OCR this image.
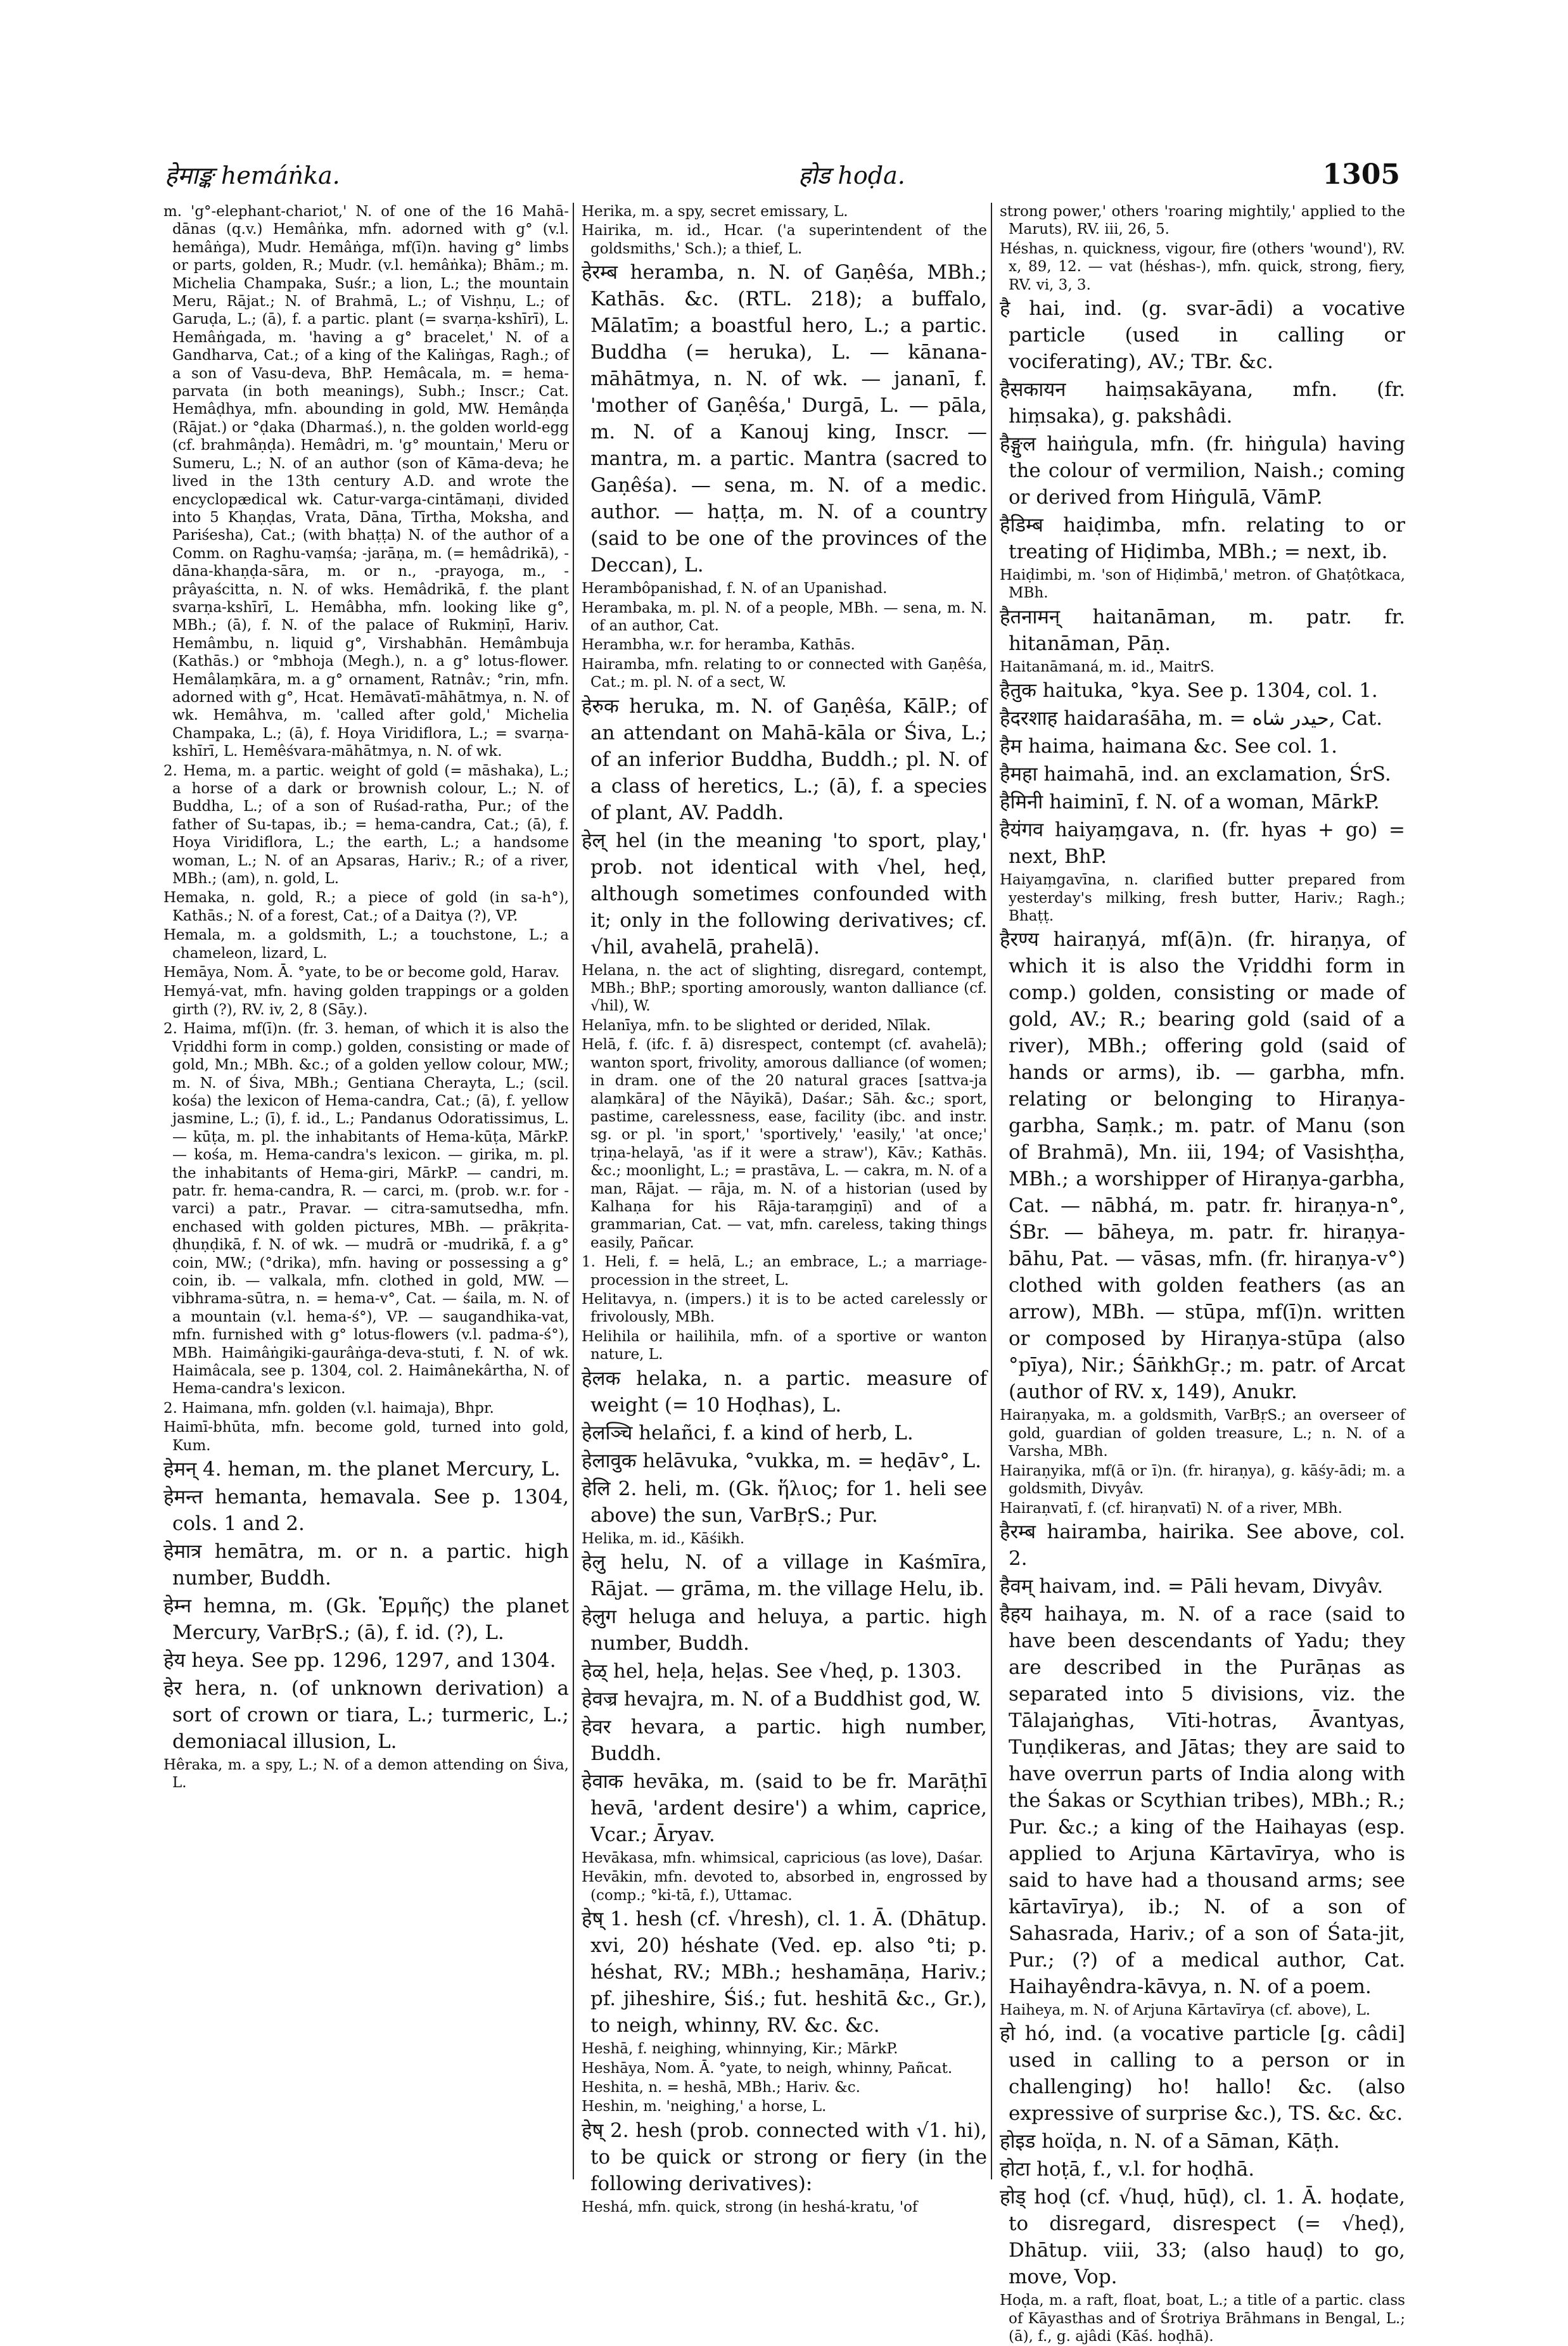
हेमाङ्क hemáṅka.	होड hoḍa.	1305
m. 'g°-elephant-chariot,' N. of one of the 16 Mahā-dānas (q.v.) Hemâṅka, mfn. adorned with g° (v.l. hemâṅga), Mudr. Hemâṅga, mf(ī)n. having g° limbs or parts, golden, R.; Mudr. (v.l. hemâṅka); Bhām.; m. Michelia Champaka, Suśr.; a lion, L.; the mountain Meru, Rājat.; N. of Brahmā, L.; of Vishṇu, L.; of Garuḍa, L.; (ā), f. a partic. plant (= svarṇa-kshīrī), L. Hemâṅgada, m. 'having a g° bracelet,' N. of a Gandharva, Cat.; of a king of the Kaliṅgas, Ragh.; of a son of Vasu-deva, BhP. Hemâcala, m. = hema-parvata (in both meanings), Subh.; Inscr.; Cat. Hemâḍhya, mfn. abounding in gold, MW. Hemâṇḍa (Rājat.) or °ḍaka (Dharmaś.), n. the golden world-egg (cf. brahmâṇḍa). Hemâdri, m. 'g° mountain,' Meru or Sumeru, L.; N. of an author (son of Kāma-deva; he lived in the 13th century A.D. and wrote the encyclopædical wk. Catur-varga-cintāmaṇi, divided into 5 Khaṇḍas, Vrata, Dāna, Tīrtha, Moksha, and Pariśesha), Cat.; (with bhaṭṭa) N. of the author of a Comm. on Raghu-vaṃśa; -jarāṇa, m. (= hemâdrikā), -dāna-khaṇḍa-sāra, m. or n., -prayoga, m., -prâyaścitta, n. N. of wks. Hemâdrikā, f. the plant svarṇa-kshīrī, L. Hemâbha, mfn. looking like g°, MBh.; (ā), f. N. of the palace of Rukmiṇī, Hariv. Hemâmbu, n. liquid g°, Virshabhān. Hemâmbuja (Kathās.) or °mbhoja (Megh.), n. a g° lotus-flower. Hemâlaṃkāra, m. a g° ornament, Ratnâv.; °rin, mfn. adorned with g°, Hcat. Hemāvatī-māhātmya, n. N. of wk. Hemâhva, m. 'called after gold,' Michelia Champaka, L.; (ā), f. Hoya Viridiflora, L.; = svarṇa-kshīrī, L. Hemêśvara-māhātmya, n. N. of wk.
2. Hema, m. a partic. weight of gold (= māshaka), L.; a horse of a dark or brownish colour, L.; N. of Buddha, L.; of a son of Ruśad-ratha, Pur.; of the father of Su-tapas, ib.; = hema-candra, Cat.; (ā), f. Hoya Viridiflora, L.; the earth, L.; a handsome woman, L.; N. of an Apsaras, Hariv.; R.; of a river, MBh.; (am), n. gold, L.
Hemaka, n. gold, R.; a piece of gold (in sa-h°), Kathās.; N. of a forest, Cat.; of a Daitya (?), VP.
Hemala, m. a goldsmith, L.; a touchstone, L.; a chameleon, lizard, L.
Hemāya, Nom. Ā. °yate, to be or become gold, Harav.
Hemyá-vat, mfn. having golden trappings or a golden girth (?), RV. iv, 2, 8 (Sāy.).
2. Haima, mf(ī)n. (fr. 3. heman, of which it is also the Vṛiddhi form in comp.) golden, consisting or made of gold, Mn.; MBh. &c.; of a golden yellow colour, MW.; m. N. of Śiva, MBh.; Gentiana Cherayta, L.; (scil. kośa) the lexicon of Hema-candra, Cat.; (ā), f. yellow jasmine, L.; (ī), f. id., L.; Pandanus Odoratissimus, L. — kūṭa, m. pl. the inhabitants of Hema-kūṭa, MārkP. — kośa, m. Hema-candra's lexicon. — girika, m. pl. the inhabitants of Hema-giri, MārkP. — candri, m. patr. fr. hema-candra, R. — carci, m. (prob. w.r. for -varci) a patr., Pravar. — citra-samutsedha, mfn. enchased with golden pictures, MBh. — prākṛita-ḍhuṇḍikā, f. N. of wk. — mudrā or -mudrikā, f. a g° coin, MW.; (°drika), mfn. having or possessing a g° coin, ib. — valkala, mfn. clothed in gold, MW. — vibhrama-sūtra, n. = hema-v°, Cat. — śaila, m. N. of a mountain (v.l. hema-ś°), VP. — saugandhika-vat, mfn. furnished with g° lotus-flowers (v.l. padma-ś°), MBh. Haimâṅgiki-gaurâṅga-deva-stuti, f. N. of wk. Haimâcala, see p. 1304, col. 2. Haimânekârtha, N. of Hema-candra's lexicon.
2. Haimana, mfn. golden (v.l. haimaja), Bhpr.
Haimī-bhūta, mfn. become gold, turned into gold, Kum.
हेमन् 4. heman, m. the planet Mercury, L.
हेमन्त hemanta, hemavala. See p. 1304, cols. 1 and 2.
हेमात्र hemātra, m. or n. a partic. high number, Buddh.
हेम्न hemna, m. (Gk. Ἑρμῆς) the planet Mercury, VarBṛS.; (ā), f. id. (?), L.
हेय heya. See pp. 1296, 1297, and 1304.
हेर hera, n. (of unknown derivation) a sort of crown or tiara, L.; turmeric, L.; demoniacal illusion, L.
Hêraka, m. a spy, L.; N. of a demon attending on Śiva, L.
Herika, m. a spy, secret emissary, L.
Hairika, m. id., Hcar. ('a superintendent of the goldsmiths,' Sch.); a thief, L.
हेरम्ब heramba, n. N. of Gaṇêśa, MBh.; Kathās. &c. (RTL. 218); a buffalo, Mālatīm; a boastful hero, L.; a partic. Buddha (= heruka), L. — kānana-māhātmya, n. N. of wk. — jananī, f. 'mother of Gaṇêśa,' Durgā, L. — pāla, m. N. of a Kanouj king, Inscr. — mantra, m. a partic. Mantra (sacred to Gaṇêśa). — sena, m. N. of a medic. author. — haṭṭa, m. N. of a country (said to be one of the provinces of the Deccan), L.
Herambôpanishad, f. N. of an Upanishad.
Herambaka, m. pl. N. of a people, MBh. — sena, m. N. of an author, Cat.
Herambha, w.r. for heramba, Kathās.
Hairamba, mfn. relating to or connected with Gaṇêśa, Cat.; m. pl. N. of a sect, W.
हेरुक heruka, m. N. of Gaṇêśa, KālP.; of an attendant on Mahā-kāla or Śiva, L.; of an inferior Buddha, Buddh.; pl. N. of a class of heretics, L.; (ā), f. a species of plant, AV. Paddh.
हेल् hel (in the meaning 'to sport, play,' prob. not identical with √hel, heḍ, although sometimes confounded with it; only in the following derivatives; cf. √hil, avahelā, prahelā).
Helana, n. the act of slighting, disregard, contempt, MBh.; BhP.; sporting amorously, wanton dalliance (cf. √hil), W.
Helanīya, mfn. to be slighted or derided, Nīlak.
Helā, f. (ifc. f. ā) disrespect, contempt (cf. avahelā); wanton sport, frivolity, amorous dalliance (of women; in dram. one of the 20 natural graces [sattva-ja alaṃkāra] of the Nāyikā), Daśar.; Sāh. &c.; sport, pastime, carelessness, ease, facility (ibc. and instr. sg. or pl. 'in sport,' 'sportively,' 'easily,' 'at once;' tṛiṇa-helayā, 'as if it were a straw'), Kāv.; Kathās. &c.; moonlight, L.; = prastāva, L. — cakra, m. N. of a man, Rājat. — rāja, m. N. of a historian (used by Kalhaṇa for his Rāja-taraṃgiṇī) and of a grammarian, Cat. — vat, mfn. careless, taking things easily, Pañcar.
1. Heli, f. = helā, L.; an embrace, L.; a marriage-procession in the street, L.
Helitavya, n. (impers.) it is to be acted carelessly or frivolously, MBh.
Helihila or hailihila, mfn. of a sportive or wanton nature, L.
हेलक helaka, n. a partic. measure of weight (= 10 Hoḍhas), L.
हेलञ्चि helañci, f. a kind of herb, L.
हेलावुक helāvuka, °vukka, m. = heḍāv°, L.
हेलि 2. heli, m. (Gk. ἥλιος; for 1. heli see above) the sun, VarBṛS.; Pur.
Helika, m. id., Kāśikh.
हेलु helu, N. of a village in Kaśmīra, Rājat. — grāma, m. the village Helu, ib.
हेलुग heluga and heluya, a partic. high number, Buddh.
हेळ् hel, heḷa, heḷas. See √heḍ, p. 1303.
हेवज्र hevajra, m. N. of a Buddhist god, W.
हेवर hevara, a partic. high number, Buddh.
हेवाक hevāka, m. (said to be fr. Marāṭhī hevā, 'ardent desire') a whim, caprice, Vcar.; Āryav.
Hevākasa, mfn. whimsical, capricious (as love), Daśar.
Hevākin, mfn. devoted to, absorbed in, engrossed by (comp.; °ki-tā, f.), Uttamac.
हेष् 1. hesh (cf. √hresh), cl. 1. Ā. (Dhātup. xvi, 20) héshate (Ved. ep. also °ti; p. héshat, RV.; MBh.; heshamāṇa, Hariv.; pf. jiheshire, Śiś.; fut. heshitā &c., Gr.), to neigh, whinny, RV. &c. &c.
Heshā, f. neighing, whinnying, Kir.; MārkP.
Heshāya, Nom. Ā. °yate, to neigh, whinny, Pañcat.
Heshita, n. = heshā, MBh.; Hariv. &c.
Heshin, m. 'neighing,' a horse, L.
हेष् 2. hesh (prob. connected with √1. hi), to be quick or strong or fiery (in the following derivatives):
Heshá, mfn. quick, strong (in heshá-kratu, 'of
strong power,' others 'roaring mightily,' applied to the Maruts), RV. iii, 26, 5.
Héshas, n. quickness, vigour, fire (others 'wound'), RV. x, 89, 12. — vat (héshas-), mfn. quick, strong, fiery, RV. vi, 3, 3.
है hai, ind. (g. svar-ādi) a vocative particle (used in calling or vociferating), AV.; TBr. &c.
हैसकायन haiṃsakāyana, mfn. (fr. hiṃsaka), g. pakshâdi.
हैङ्गुल haiṅgula, mfn. (fr. hiṅgula) having the colour of vermilion, Naish.; coming or derived from Hiṅgulā, VāmP.
हैडिम्ब haiḍimba, mfn. relating to or treating of Hiḍimba, MBh.; = next, ib.
Haiḍimbi, m. 'son of Hiḍimbā,' metron. of Ghaṭôtkaca, MBh.
हैतनामन् haitanāman, m. patr. fr. hitanāman, Pāṇ.
Haitanāmaná, m. id., MaitrS.
हैतुक haituka, °kya. See p. 1304, col. 1.
हैदरशाह haidaraśāha, m. = حیدر شاه, Cat.
हैम haima, haimana &c. See col. 1.
हैमहा haimahā, ind. an exclamation, ŚrS.
हैमिनी haiminī, f. N. of a woman, MārkP.
हैयंगव haiyaṃgava, n. (fr. hyas + go) = next, BhP.
Haiyaṃgavīna, n. clarified butter prepared from yesterday's milking, fresh butter, Hariv.; Ragh.; Bhaṭṭ.
हैरण्य hairaṇyá, mf(ā)n. (fr. hiraṇya, of which it is also the Vṛiddhi form in comp.) golden, consisting or made of gold, AV.; R.; bearing gold (said of a river), MBh.; offering gold (said of hands or arms), ib. — garbha, mfn. relating or belonging to Hiraṇya-garbha, Saṃk.; m. patr. of Manu (son of Brahmā), Mn. iii, 194; of Vasishṭha, MBh.; a worshipper of Hiraṇya-garbha, Cat. — nābhá, m. patr. fr. hiraṇya-n°, ŚBr. — bāheya, m. patr. fr. hiraṇya-bāhu, Pat. — vāsas, mfn. (fr. hiraṇya-v°) clothed with golden feathers (as an arrow), MBh. — stūpa, mf(ī)n. written or composed by Hiraṇya-stūpa (also °pīya), Nir.; ŚāṅkhGṛ.; m. patr. of Arcat (author of RV. x, 149), Anukr.
Hairaṇyaka, m. a goldsmith, VarBṛS.; an overseer of gold, guardian of golden treasure, L.; n. N. of a Varsha, MBh.
Hairaṇyika, mf(ā or ī)n. (fr. hiraṇya), g. kāśy-ādi; m. a goldsmith, Divyâv.
Hairaṇvatī, f. (cf. hiraṇvatī) N. of a river, MBh.
हैरम्ब hairamba, hairika. See above, col. 2.
हैवम् haivam, ind. = Pāli hevam, Divyâv.
हैहय haihaya, m. N. of a race (said to have been descendants of Yadu; they are described in the Purāṇas as separated into 5 divisions, viz. the Tālajaṅghas, Vīti-hotras, Āvantyas, Tuṇḍikeras, and Jātas; they are said to have overrun parts of India along with the Śakas or Scythian tribes), MBh.; R.; Pur. &c.; a king of the Haihayas (esp. applied to Arjuna Kārtavīrya, who is said to have had a thousand arms; see kārtavīrya), ib.; N. of a son of Sahasrada, Hariv.; of a son of Śata-jit, Pur.; (?) of a medical author, Cat. Haihayêndra-kāvya, n. N. of a poem.
Haiheya, m. N. of Arjuna Kārtavīrya (cf. above), L.
हो hó, ind. (a vocative particle [g. câdi] used in calling to a person or in challenging) ho! hallo! &c. (also expressive of surprise &c.), TS. &c. &c.
होइड hoïḍa, n. N. of a Sāman, Kāṭh.
होटा hoṭā, f., v.l. for hoḍhā.
होड् hoḍ (cf. √huḍ, hūḍ), cl. 1. Ā. hoḍate, to disregard, disrespect (= √heḍ), Dhātup. viii, 33; (also hauḍ) to go, move, Vop.
Hoḍa, m. a raft, float, boat, L.; a title of a partic. class of Kāyasthas and of Śrotriya Brāhmans in Bengal, L.; (ā), f., g. ajâdi (Kāś. hoḍhā).
